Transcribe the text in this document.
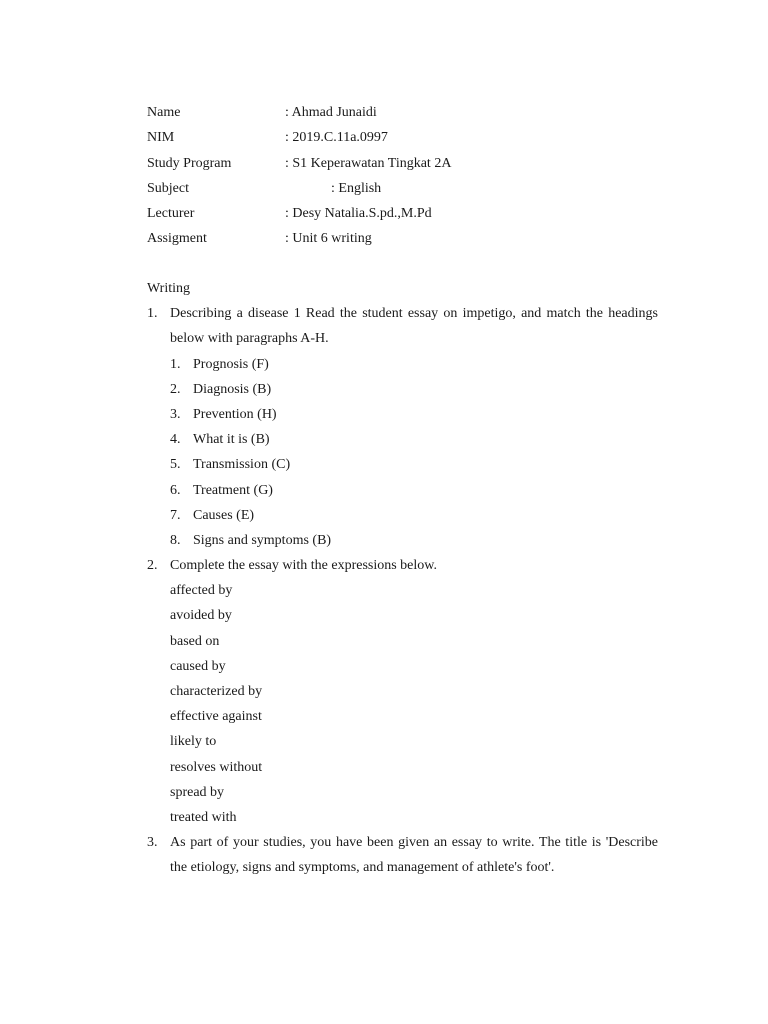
Name	: Ahmad Junaidi
NIM	: 2019.C.11a.0997
Study Program	: S1 Keperawatan Tingkat 2A
Subject	: English
Lecturer	: Desy Natalia.S.pd.,M.Pd
Assigment	: Unit 6 writing
Writing
1. Describing a disease 1 Read the student essay on impetigo, and match the headings below with paragraphs A-H.
1. Prognosis (F)
2. Diagnosis (B)
3. Prevention (H)
4. What it is (B)
5. Transmission (C)
6. Treatment (G)
7. Causes (E)
8. Signs and symptoms (B)
2. Complete the essay with the expressions below.
affected by
avoided by
based on
caused by
characterized by
effective against
likely to
resolves without
spread by
treated with
3. As part of your studies, you have been given an essay to write. The title is 'Describe the etiology, signs and symptoms, and management of athlete's foot'.
